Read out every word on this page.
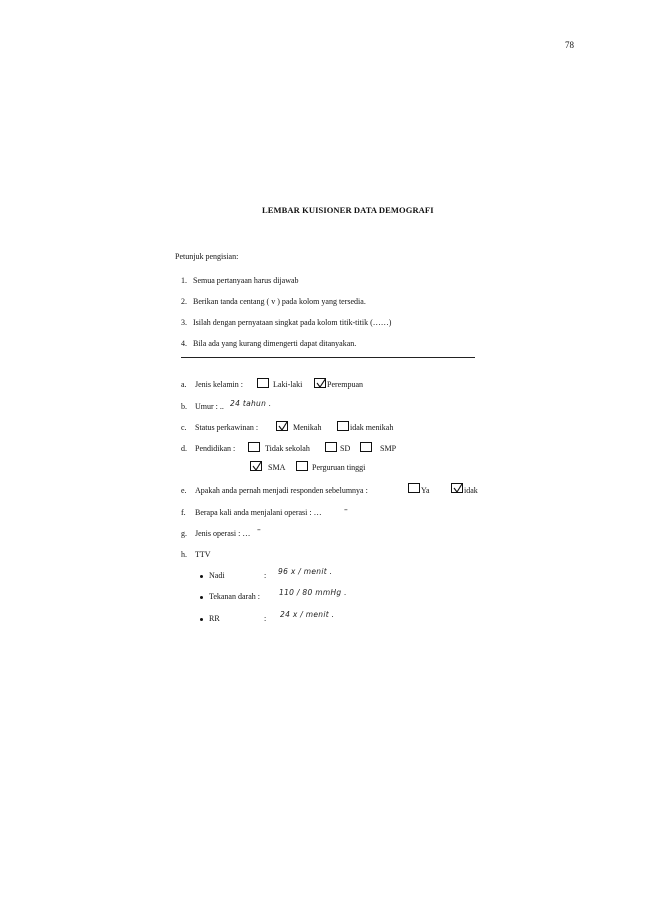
78
LEMBAR KUISIONER DATA DEMOGRAFI
Petunjuk pengisian:
1. Semua pertanyaan harus dijawab
2. Berikan tanda centang ( v ) pada kolom yang tersedia.
3. Isilah dengan pernyataan singkat pada kolom titik-titik (……)
4. Bila ada yang kurang dimengerti dapat ditanyakan.
a. Jenis kelamin :	Laki-laki	Perempuan
b. Umur : .. 24 tahun .
c. Status perkawinan :	Menikah	idak menikah
d. Pendidikan :	Tidak sekolah	SD	SMP
SMA	Perguruan tinggi
e. Apakah anda pernah menjadi responden sebelumnya :	Ya	idak
f. Berapa kali anda menjalani operasi : …	–
g. Jenis operasi : … –
h. TTV
Nadi	: 96 x / menit .
Tekanan darah :	110 / 80 mmHg .
RR	: 24 x / menit .
